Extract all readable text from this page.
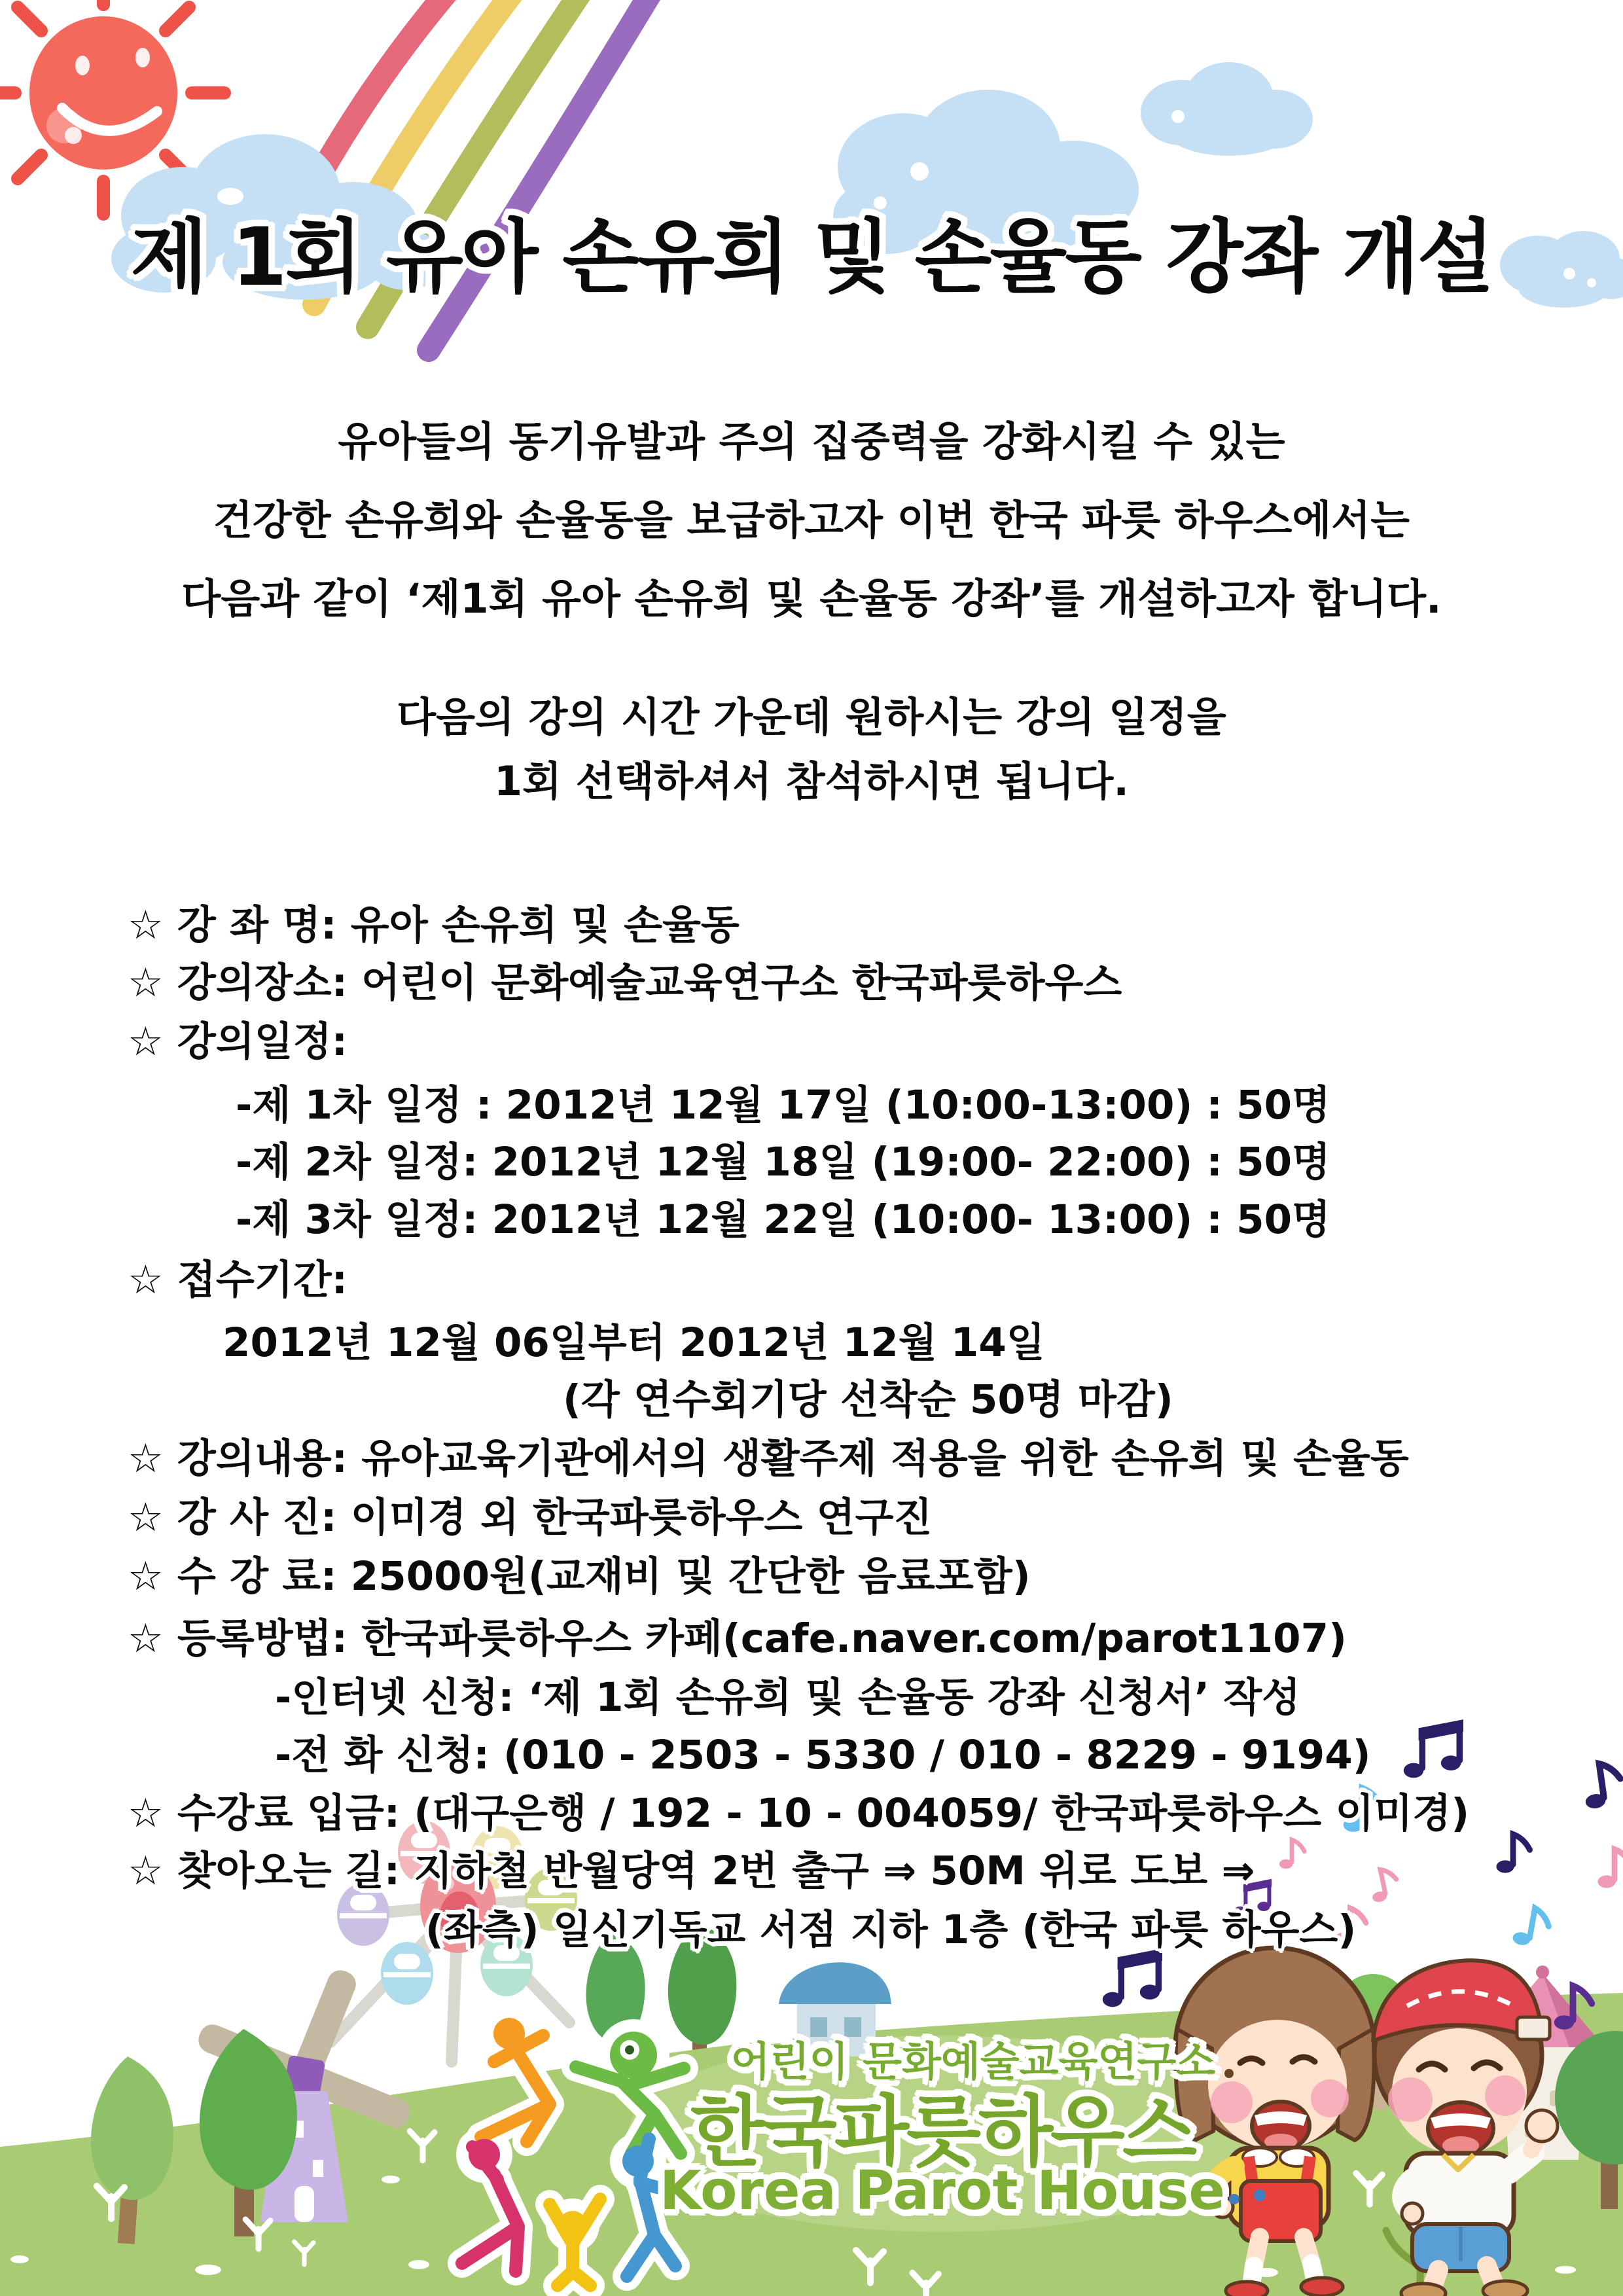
제 1회 유아 손유희 및 손율동 강좌 개설
유아들의 동기유발과 주의 집중력을 강화시킬 수 있는
건강한 손유희와 손율동을 보급하고자 이번 한국 파릇 하우스에서는
다음과 같이 ‘제1회 유아 손유희 및 손율동 강좌’를 개설하고자 합니다.
다음의 강의 시간 가운데 원하시는 강의 일정을
1회 선택하셔서 참석하시면 됩니다.
☆ 강 좌 명: 유아 손유희 및 손율동
☆ 강의장소: 어린이 문화예술교육연구소 한국파릇하우스
☆ 강의일정:
-제 1차 일정 : 2012년 12월 17일 (10:00-13:00) : 50명
-제 2차 일정: 2012년 12월 18일 (19:00- 22:00) : 50명
-제 3차 일정: 2012년 12월 22일 (10:00- 13:00) : 50명
☆ 접수기간:
2012년 12월 06일부터 2012년 12월 14일
(각 연수회기당 선착순 50명 마감)
☆ 강의내용: 유아교육기관에서의 생활주제 적용을 위한 손유희 및 손율동
☆ 강 사 진: 이미경 외 한국파릇하우스 연구진
☆ 수 강 료: 25000원(교재비 및 간단한 음료포함)
☆ 등록방법: 한국파릇하우스 카페(cafe.naver.com/parot1107)
-인터넷 신청: ‘제 1회 손유희 및 손율동 강좌 신청서’ 작성
-전 화 신청: (010 - 2503 - 5330 / 010 - 8229 - 9194)
☆ 수강료 입금: (대구은행 / 192 - 10 - 004059/ 한국파릇하우스 이미경)
☆ 찾아오는 길: 지하철 반월당역 2번 출구 ⇒ 50M 위로 도보 ⇒
(좌측) 일신기독교 서점 지하 1층 (한국 파릇 하우스)
어린이 문화예술교육연구소
한국파릇하우스
Korea Parot House
